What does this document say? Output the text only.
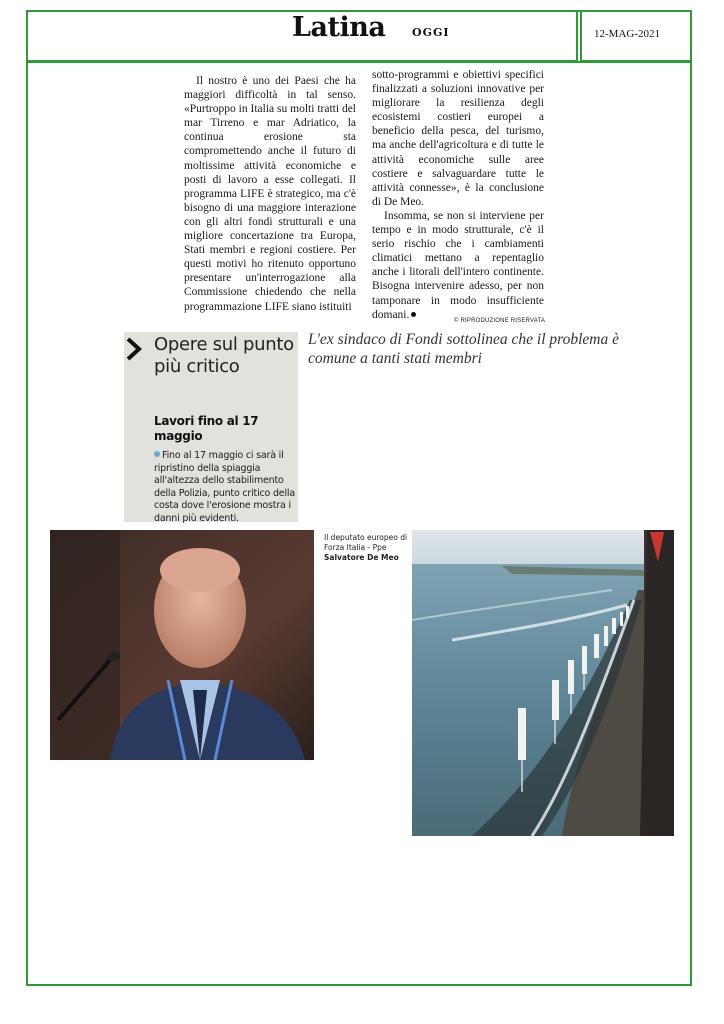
Latina OGGI	12-MAG-2021

Il nostro è uno dei Paesi che ha maggiori difficoltà in tal senso. «Purtroppo in Italia su molti tratti del mar Tirreno e mar Adriatico, la continua erosione sta compromettendo anche il futuro di moltissime attività economiche e posti di lavoro a esse collegati. Il programma LIFE è strategico, ma c'è bisogno di una maggiore interazione con gli altri fondi strutturali e una migliore concertazione tra Europa, Stati membri e regioni costiere. Per questi motivi ho ritenuto opportuno presentare un'interrogazione alla Commissione chiedendo che nella programmazione LIFE siano istituiti

sotto-programmi e obiettivi specifici finalizzati a soluzioni innovative per migliorare la resilienza degli ecosistemi costieri europei a beneficio della pesca, del turismo, ma anche dell'agricoltura e di tutte le attività economiche sulle aree costiere e salvaguardare tutte le attività connesse», è la conclusione di De Meo.

Insomma, se non si interviene per tempo e in modo strutturale, c'è il serio rischio che i cambiamenti climatici mettano a repentaglio anche i litorali dell'intero continente. Bisogna intervenire adesso, per non tamponare in modo insufficiente domani.

© RIPRODUZIONE RISERVATA
L'ex sindaco di Fondi sottolinea che il problema è comune a tanti stati membri
Opere sul punto più critico
Lavori fino al 17 maggio
Fino al 17 maggio ci sarà il ripristino della spiaggia all'altezza dello stabilimento della Polizia, punto critico della costa dove l'erosione mostra i danni più evidenti.
Il deputato europeo di Forza Italia - Ppe
Salvatore De Meo
